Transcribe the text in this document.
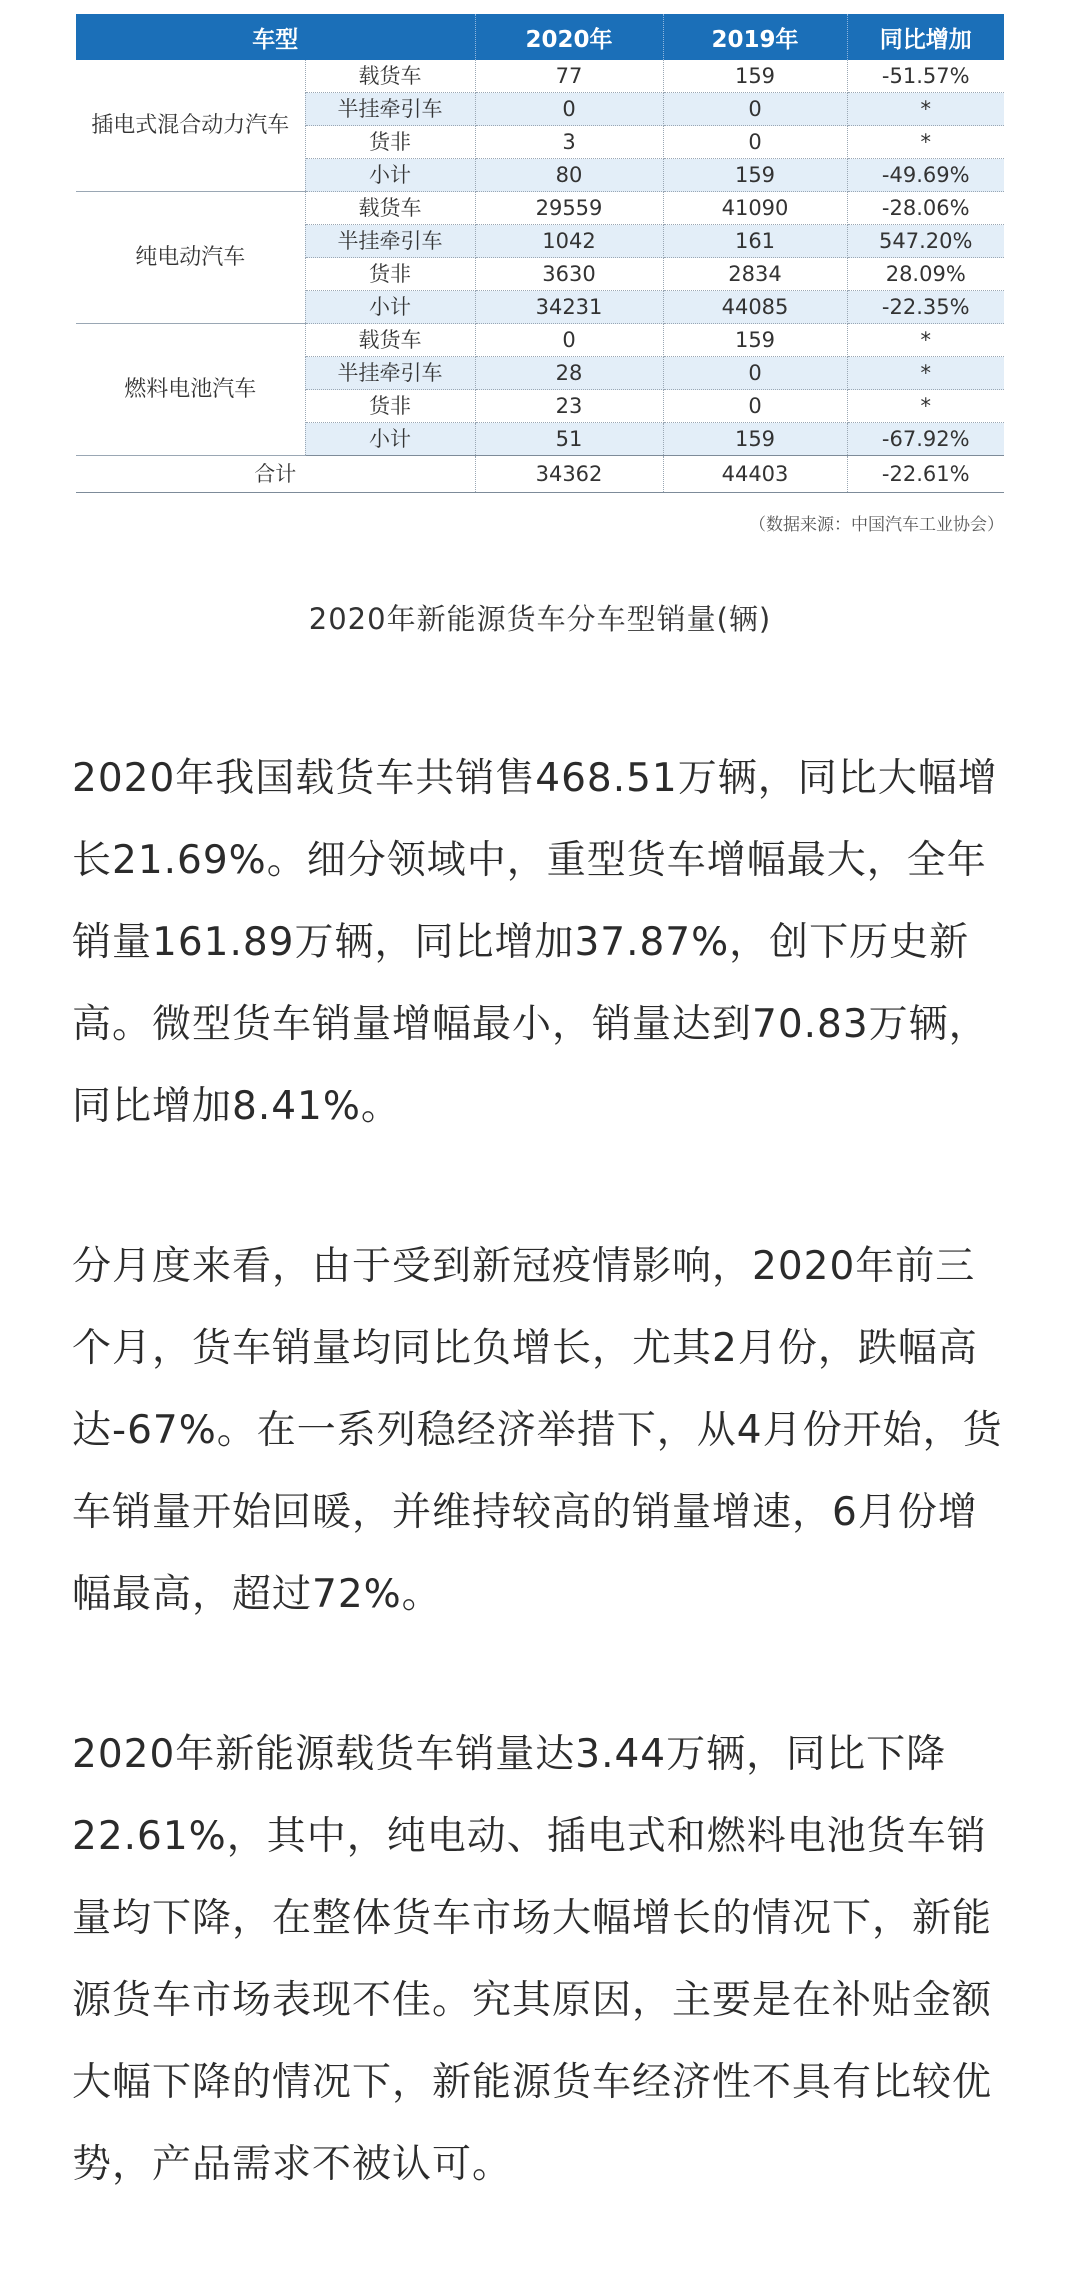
车型		2020年	2019年	同比增加
插电式混合动力汽车	载货车	77	159	-51.57%
	半挂牵引车	0	0	*
	货非	3	0	*
	小计	80	159	-49.69%
纯电动汽车	载货车	29559	41090	-28.06%
	半挂牵引车	1042	161	547.20%
	货非	3630	2834	28.09%
	小计	34231	44085	-22.35%
燃料电池汽车	载货车	0	159	*
	半挂牵引车	28	0	*
	货非	23	0	*
	小计	51	159	-67.92%
合计		34362	44403	-22.61%
（数据来源：中国汽车工业协会）
2020年新能源货车分车型销量(辆)

2020年我国载货车共销售468.51万辆，同比大幅增长21.69%。细分领域中，重型货车增幅最大，全年销量161.89万辆，同比增加37.87%，创下历史新高。微型货车销量增幅最小，销量达到70.83万辆，同比增加8.41%。

分月度来看，由于受到新冠疫情影响，2020年前三个月，货车销量均同比负增长，尤其2月份，跌幅高达-67%。在一系列稳经济举措下，从4月份开始，货车销量开始回暖，并维持较高的销量增速，6月份增幅最高，超过72%。

2020年新能源载货车销量达3.44万辆，同比下降22.61%，其中，纯电动、插电式和燃料电池货车销量均下降，在整体货车市场大幅增长的情况下，新能源货车市场表现不佳。究其原因，主要是在补贴金额大幅下降的情况下，新能源货车经济性不具有比较优势，产品需求不被认可。
